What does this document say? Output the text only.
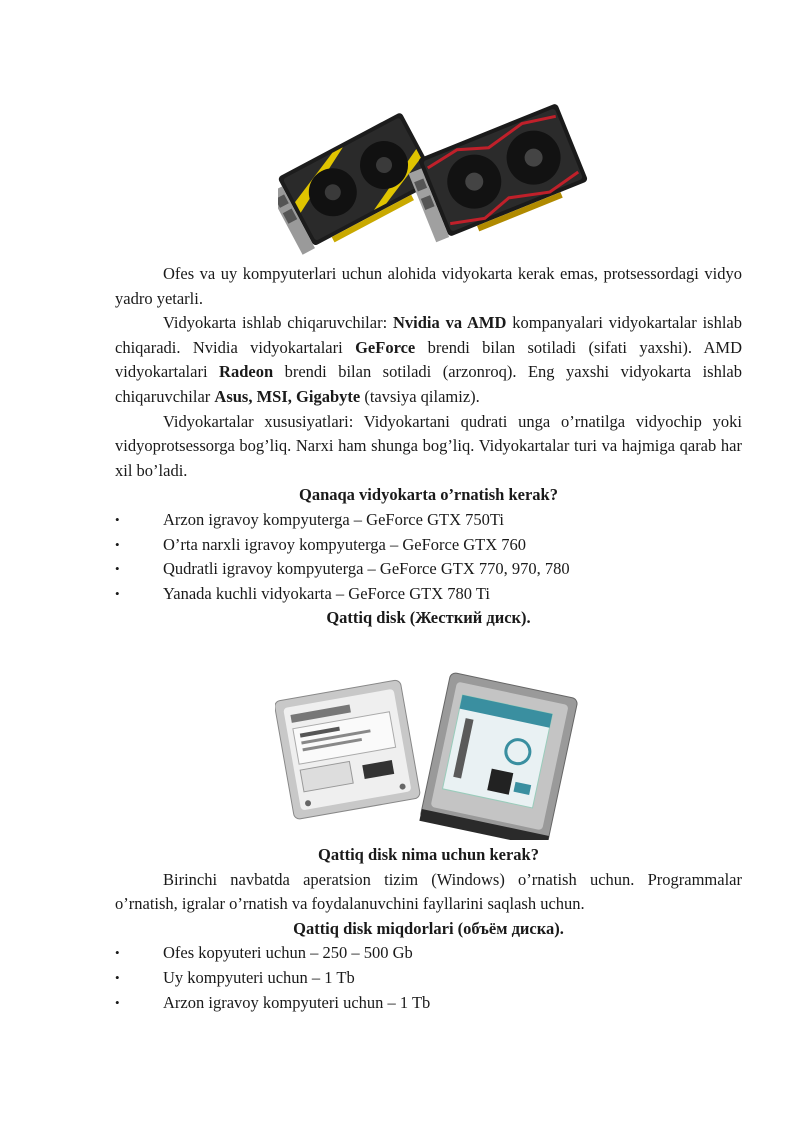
Ofes va uy kompyuterlari uchun alohida vidyokarta kerak emas, protsessordagi vidyo yadro yetarli.

Vidyokarta ishlab chiqaruvchilar: Nvidia va AMD kompanyalari vidyokartalar ishlab chiqaradi. Nvidia vidyokartalari GeForce brendi bilan sotiladi (sifati yaxshi). AMD vidyokartalari Radeon brendi bilan sotiladi (arzonroq). Eng yaxshi vidyokarta ishlab chiqaruvchilar Asus, MSI, Gigabyte (tavsiya qilamiz).

Vidyokartalar xususiyatlari: Vidyokartani qudrati unga o’rnatilga vidyochip yoki vidyoprotsessorga bog’liq. Narxi ham shunga bog’liq. Vidyokartalar turi va hajmiga qarab har xil bo’ladi.

Qanaqa vidyokarta o’rnatish kerak?

• Arzon igravoy kompyuterga – GeForce GTX 750Ti
• O’rta narxli igravoy kompyuterga – GeForce GTX 760
• Qudratli igravoy kompyuterga – GeForce GTX 770, 970, 780
• Yanada kuchli vidyokarta – GeForce GTX 780 Ti

Qattiq disk (Жесткий диск).

Qattiq disk nima uchun kerak?

Birinchi navbatda aperatsion tizim (Windows) o’rnatish uchun. Programmalar o’rnatish, igralar o’rnatish va foydalanuvchini fayllarini saqlash uchun.

Qattiq disk miqdorlari (объём диска).

• Ofes kopyuteri uchun – 250 – 500 Gb
• Uy kompyuteri uchun – 1 Tb
• Arzon igravoy kompyuteri uchun – 1 Tb
